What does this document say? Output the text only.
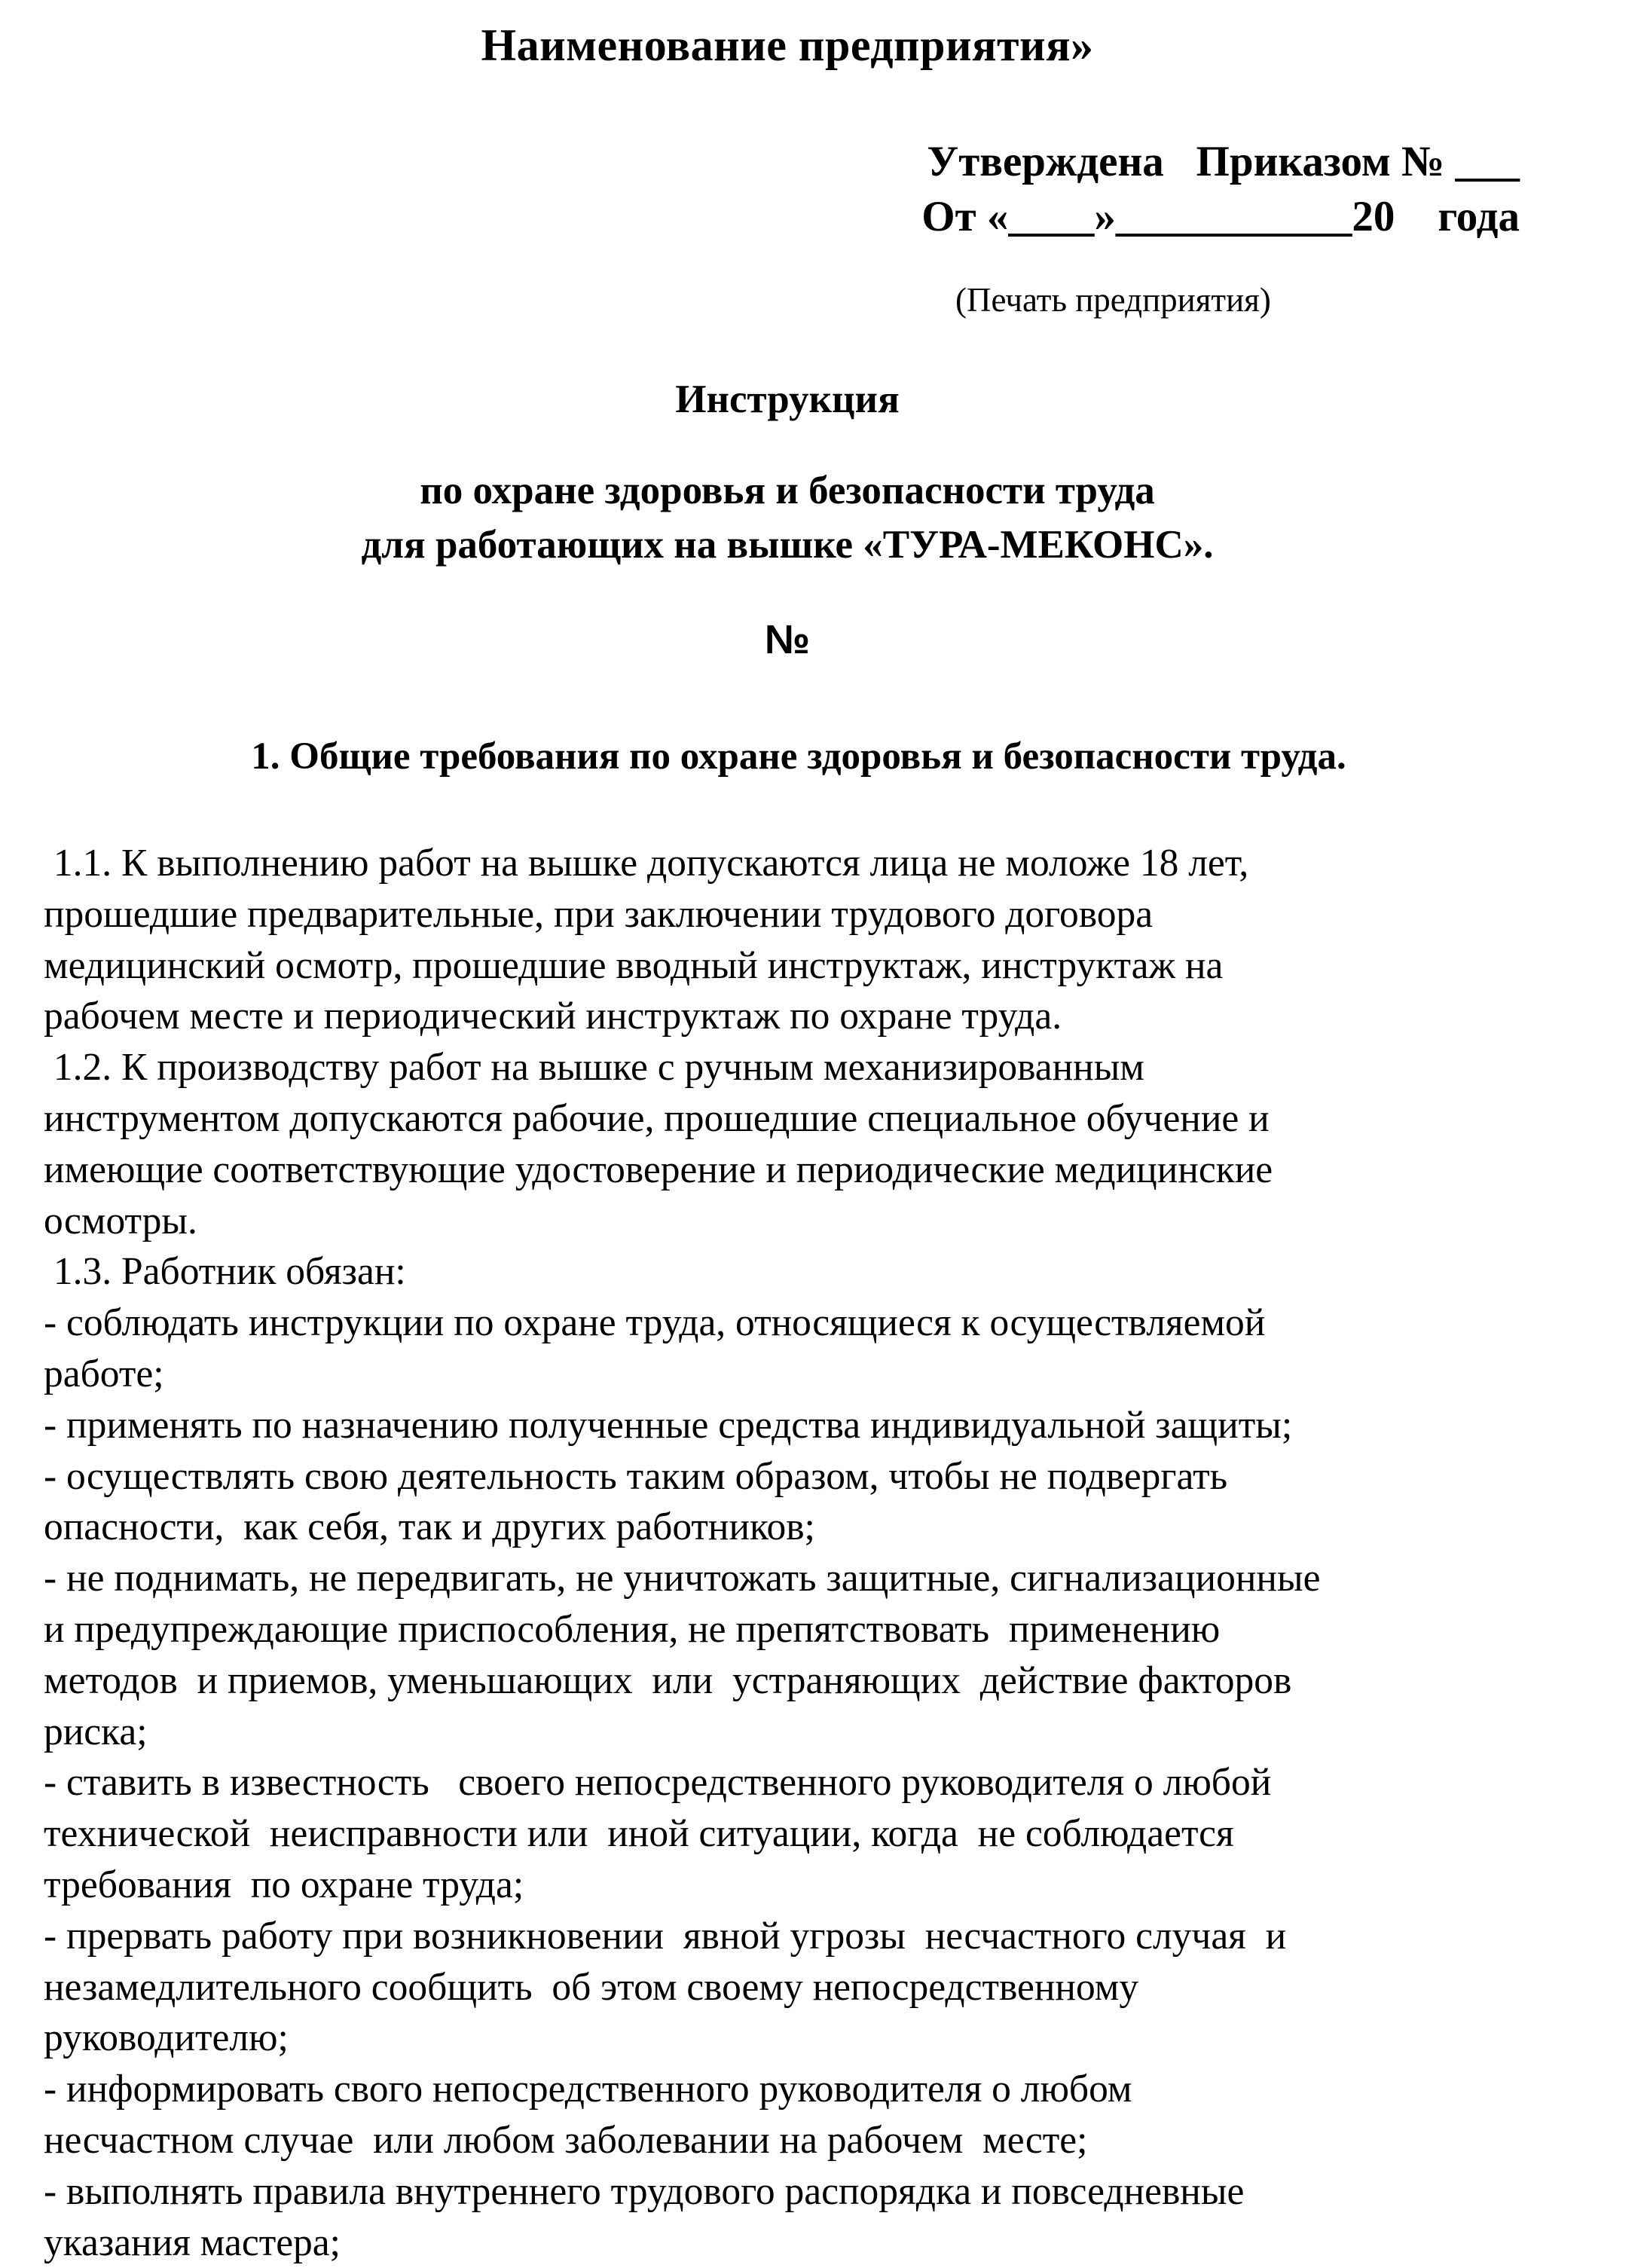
Наименование предприятия»
Утверждена   Приказом № ___
От «____»___________20    года
(Печать предприятия)
Инструкция
по охране здоровья и безопасности труда
для работающих на вышке «ТУРА-МЕКОНС».
№
1. Общие требования по охране здоровья и безопасности труда.
1.1. К выполнению работ на вышке допускаются лица не моложе 18 лет,
прошедшие предварительные, при заключении трудового договора
медицинский осмотр, прошедшие вводный инструктаж, инструктаж на
рабочем месте и периодический инструктаж по охране труда.
1.2. К производству работ на вышке с ручным механизированным
инструментом допускаются рабочие, прошедшие специальное обучение и
имеющие соответствующие удостоверение и периодические медицинские
осмотры.
1.3. Работник обязан:
- соблюдать инструкции по охране труда, относящиеся к осуществляемой
работе;
- применять по назначению полученные средства индивидуальной защиты;
- осуществлять свою деятельность таким образом, чтобы не подвергать
опасности,  как себя, так и других работников;
- не поднимать, не передвигать, не уничтожать защитные, сигнализационные
и предупреждающие приспособления, не препятствовать  применению
методов  и приемов, уменьшающих  или  устраняющих  действие факторов
риска;
- ставить в известность   своего непосредственного руководителя о любой
технической  неисправности или  иной ситуации, когда  не соблюдается
требования  по охране труда;
- прервать работу при возникновении  явной угрозы  несчастного случая  и
незамедлительного сообщить  об этом своему непосредственному
руководителю;
- информировать свого непосредственного руководителя о любом
несчастном случае  или любом заболевании на рабочем  месте;
- выполнять правила внутреннего трудового распорядка и повседневные
указания мастера;
